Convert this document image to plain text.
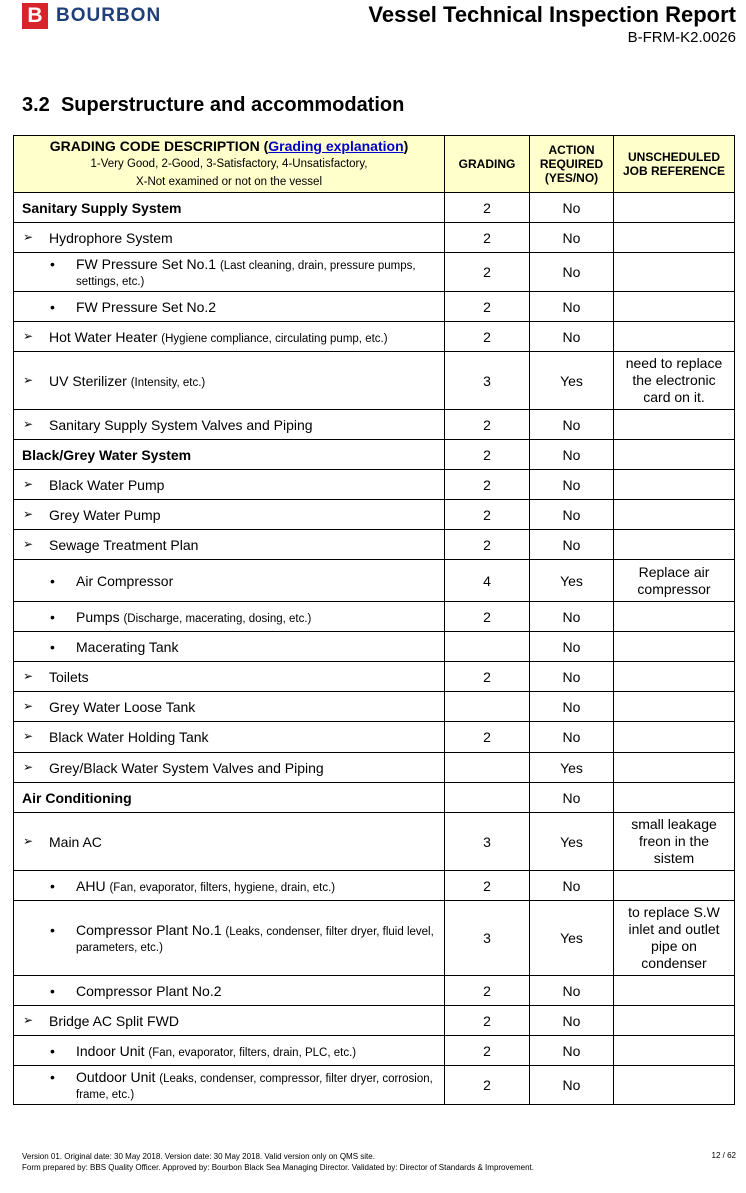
B BOURBON	Vessel Technical Inspection Report
B-FRM-K2.0026
3.2 Superstructure and accommodation
GRADING CODE DESCRIPTION (Grading explanation)
1-Very Good, 2-Good, 3-Satisfactory, 4-Unsatisfactory,
X-Not examined or not on the vessel	GRADING	ACTION
REQUIRED
(YES/NO)	UNSCHEDULED
JOB REFERENCE

Sanitary Supply System	2	No	

➢ Hydrophore System	2	No	

• FW Pressure Set No.1 (Last cleaning, drain, pressure pumps, settings, etc.)	2	No	

• FW Pressure Set No.2	2	No	

➢ Hot Water Heater (Hygiene compliance, circulating pump, etc.)	2	No	

➢ UV Sterilizer (Intensity, etc.)	3	Yes	need to replace the electronic card on it.

➢ Sanitary Supply System Valves and Piping	2	No	

Black/Grey Water System	2	No	

➢ Black Water Pump	2	No	

➢ Grey Water Pump	2	No	

➢ Sewage Treatment Plan	2	No	

• Air Compressor	4	Yes	Replace air compressor

• Pumps (Discharge, macerating, dosing, etc.)	2	No	

• Macerating Tank		No	

➢ Toilets	2	No	

➢ Grey Water Loose Tank		No	

➢ Black Water Holding Tank	2	No	

➢ Grey/Black Water System Valves and Piping		Yes	

Air Conditioning		No	

➢ Main AC	3	Yes	small leakage freon in the sistem

• AHU (Fan, evaporator, filters, hygiene, drain, etc.)	2	No	

• Compressor Plant No.1 (Leaks, condenser, filter dryer, fluid level, parameters, etc.)	3	Yes	to replace S.W inlet and outlet pipe on condenser

• Compressor Plant No.2	2	No	

➢ Bridge AC Split FWD	2	No	

• Indoor Unit (Fan, evaporator, filters, drain, PLC, etc.)	2	No	

• Outdoor Unit (Leaks, condenser, compressor, filter dryer, corrosion, frame, etc.)	2	No	
Version 01. Original date: 30 May 2018. Version date: 30 May 2018. Valid version only on QMS site.
Form prepared by: BBS Quality Officer. Approved by: Bourbon Black Sea Managing Director. Validated by: Director of Standards & Improvement.
12 / 62
